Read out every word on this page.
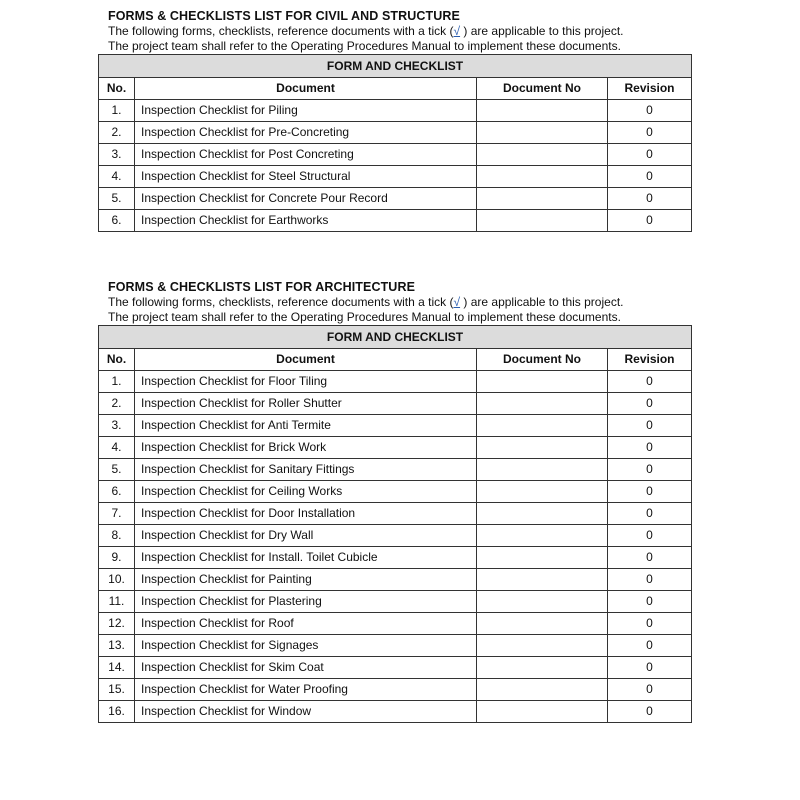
FORMS & CHECKLISTS LIST FOR CIVIL AND STRUCTURE
The following forms, checklists, reference documents with a tick (√ ) are applicable to this project.
The project team shall refer to the Operating Procedures Manual to implement these documents.
FORM AND CHECKLIST			
No.	Document	Document No	Revision
1.	Inspection Checklist for Piling		0
2.	Inspection Checklist for Pre-Concreting		0
3.	Inspection Checklist for Post Concreting		0
4.	Inspection Checklist for Steel Structural		0
5.	Inspection Checklist for Concrete Pour Record		0
6.	Inspection Checklist for Earthworks		0
FORMS & CHECKLISTS LIST FOR ARCHITECTURE
The following forms, checklists, reference documents with a tick (√ ) are applicable to this project.
The project team shall refer to the Operating Procedures Manual to implement these documents.
FORM AND CHECKLIST			
No.	Document	Document No	Revision
1.	Inspection Checklist for Floor Tiling		0
2.	Inspection Checklist for Roller Shutter		0
3.	Inspection Checklist for Anti Termite		0
4.	Inspection Checklist for Brick Work		0
5.	Inspection Checklist for Sanitary Fittings		0
6.	Inspection Checklist for Ceiling Works		0
7.	Inspection Checklist for Door Installation		0
8.	Inspection Checklist for Dry Wall		0
9.	Inspection Checklist for Install. Toilet Cubicle		0
10.	Inspection Checklist for Painting		0
11.	Inspection Checklist for Plastering		0
12.	Inspection Checklist for Roof		0
13.	Inspection Checklist for Signages		0
14.	Inspection Checklist for Skim Coat		0
15.	Inspection Checklist for Water Proofing		0
16.	Inspection Checklist for Window		0
